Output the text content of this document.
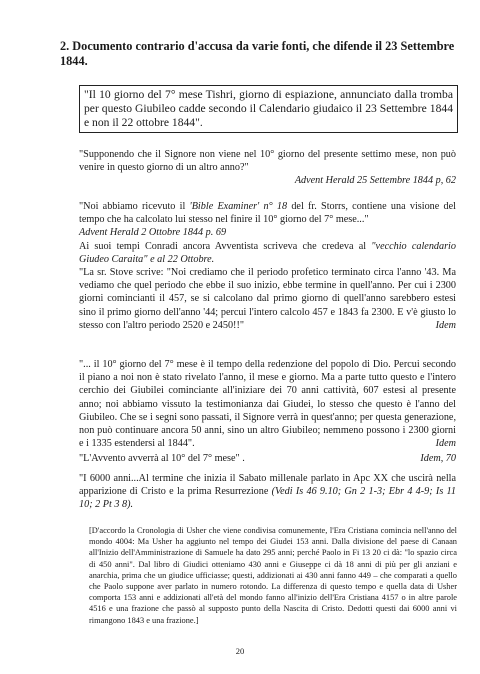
2. Documento contrario d'accusa da varie fonti, che difende il 23 Settembre 1844.
"Il 10 giorno del 7° mese Tishri, giorno di espiazione, annunciato dalla tromba per questo Giubileo cadde secondo il Calendario giudaico il 23 Settembre 1844 e non il 22 ottobre 1844".

"Supponendo che il Signore non viene nel 10° giorno del presente settimo mese, non può venire in questo giorno di un altro anno?"

Advent Herald 25 Settembre 1844 p, 62

"Noi abbiamo ricevuto il 'Bible Examiner' n° 18 del fr. Storrs, contiene una visione del tempo che ha calcolato lui stesso nel finire il 10° giorno del 7° mese..."

Advent Herald 2 Ottobre 1844 p. 69

Ai suoi tempi Conradi ancora Avventista scriveva che credeva al "vecchio calendario Giudeo Caraita" e al 22 Ottobre.

"La sr. Stove scrive: "Noi crediamo che il periodo profetico terminato circa l'anno '43. Ma vediamo che quel periodo che ebbe il suo inizio, ebbe termine in quell'anno. Per cui i 2300 giorni comincianti il 457, se si calcolano dal primo giorno di quell'anno sarebbero estesi sino il primo giorno dell'anno '44; percui l'intero calcolo 457 e 1843 fa 2300. E v'è giusto lo stesso con l'altro periodo 2520 e 2450!!"	Idem

"... il 10° giorno del 7° mese è il tempo della redenzione del popolo di Dio. Percui secondo il piano a noi non è stato rivelato l'anno, il mese e giorno. Ma a parte tutto questo e l'intero cerchio dei Giubilei cominciante all'iniziare dei 70 anni cattività, 607 estesi al presente anno; noi abbiamo vissuto la testimonianza dai Giudei, lo stesso che questo è l'anno del Giubileo. Che se i segni sono passati, il Signore verrà in quest'anno; per questa generazione, non può continuare ancora 50 anni, sino un altro Giubileo; nemmeno possono i 2300 giorni e i 1335 estendersi al 1844".	Idem

"L'Avvento avverrà al 10° del 7° mese" .	Idem, 70

"I 6000 anni...Al termine che inizia il Sabato millenale parlato in Apc XX che uscirà nella apparizione di Cristo e la prima Resurrezione (Vedi Is 46 9.10; Gn 2 1-3; Ebr 4 4-9; Is 11 10; 2 Pt 3 8).

[D'accordo la Cronologia di Usher che viene condivisa comunemente, l'Era Cristiana comincia nell'anno del mondo 4004: Ma Usher ha aggiunto nel tempo dei Giudei 153 anni. Dalla divisione del paese di Canaan all'Inizio dell'Amministrazione di Samuele ha dato 295 anni; perché Paolo in Fi 13 20 ci dà: "lo spazio circa di 450 anni". Dal libro di Giudici otteniamo 430 anni e Giuseppe ci dà 18 anni di più per gli anziani e anarchia, prima che un giudice ufficiasse; questi, addizionati ai 430 anni fanno 449 – che comparati a quello che Paolo suppone aver parlato in numero rotondo. La differenza di questo tempo e quella data di Usher comporta 153 anni e addizionati all'età del mondo fanno all'inizio dell'Era Cristiana 4157 o in altre parole 4516 e una frazione che passò al supposto punto della Nascita di Cristo. Dedotti questi dai 6000 anni vi rimangono 1843 e una frazione.]
20
